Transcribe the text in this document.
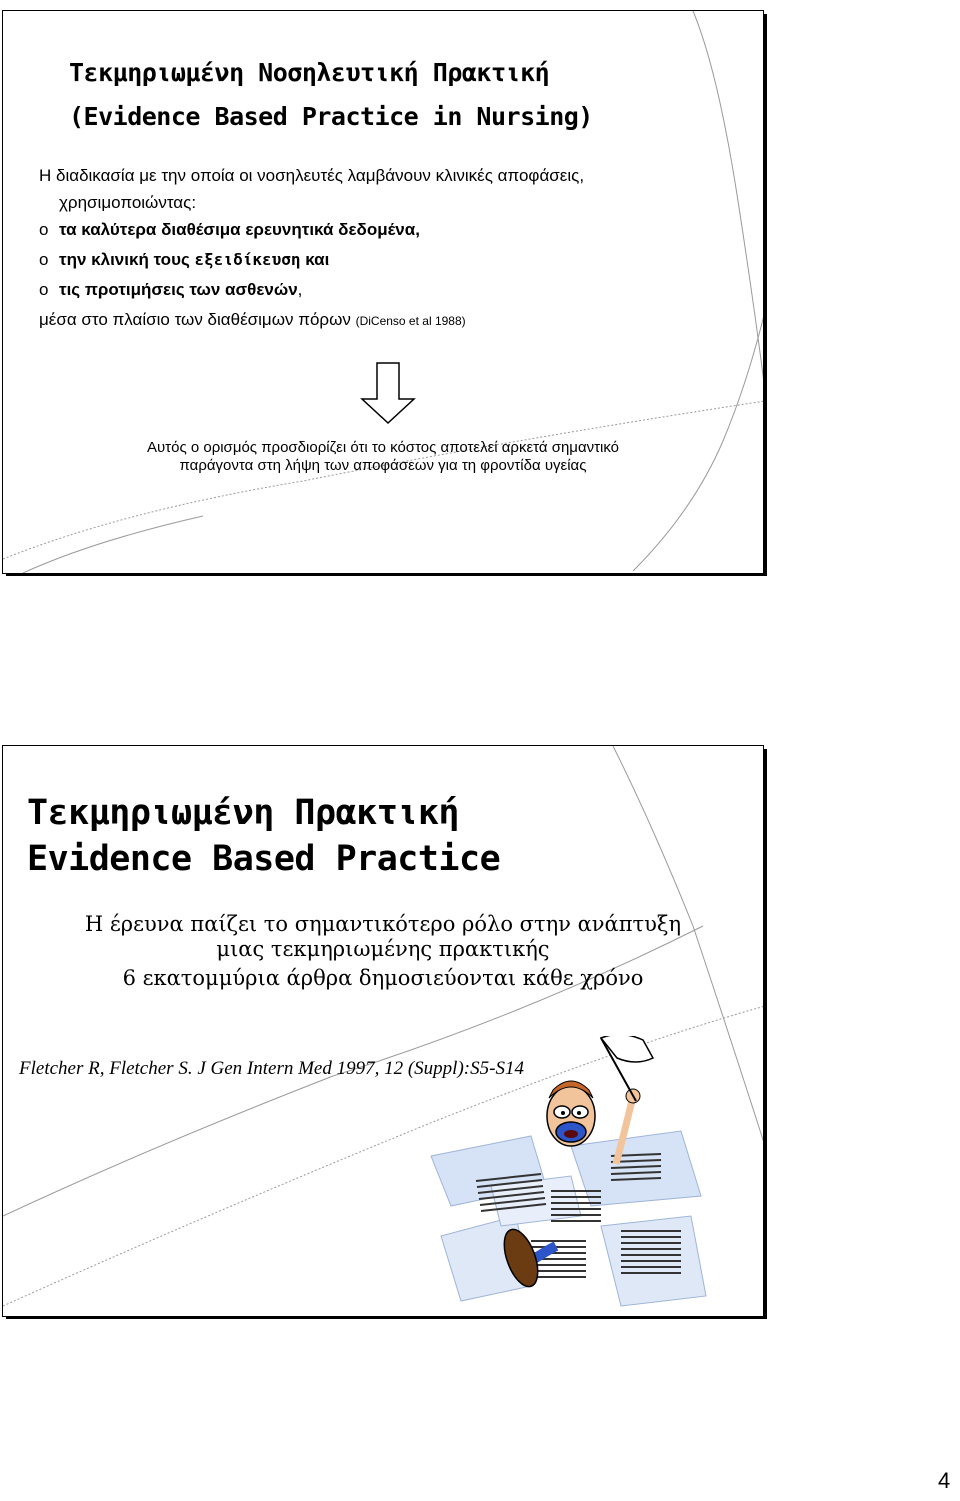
Τεκμηριωμένη Νοσηλευτική Πρακτική
(Evidence Based Practice in Nursing)
Η διαδικασία με την οποία οι νοσηλευτές λαμβάνουν κλινικές αποφάσεις,
χρησιμοποιώντας:
o τα καλύτερα διαθέσιμα ερευνητικά δεδομένα,
o την κλινική τους εξειδίκευση και
o τις προτιμήσεις των ασθενών,
μέσα στο πλαίσιο των διαθέσιμων πόρων (DiCenso et al 1988)
Αυτός ο ορισμός προσδιορίζει ότι το κόστος αποτελεί αρκετά σημαντικό
παράγοντα στη λήψη των αποφάσεων για τη φροντίδα υγείας
Τεκμηριωμένη Πρακτική
Evidence Based Practice
Η έρευνα παίζει το σημαντικότερο ρόλο στην ανάπτυξη
μιας τεκμηριωμένης πρακτικής
6 εκατομμύρια άρθρα δημοσιεύονται κάθε χρόνο
Fletcher R, Fletcher S. J Gen Intern Med 1997, 12 (Suppl):S5-S14
4
